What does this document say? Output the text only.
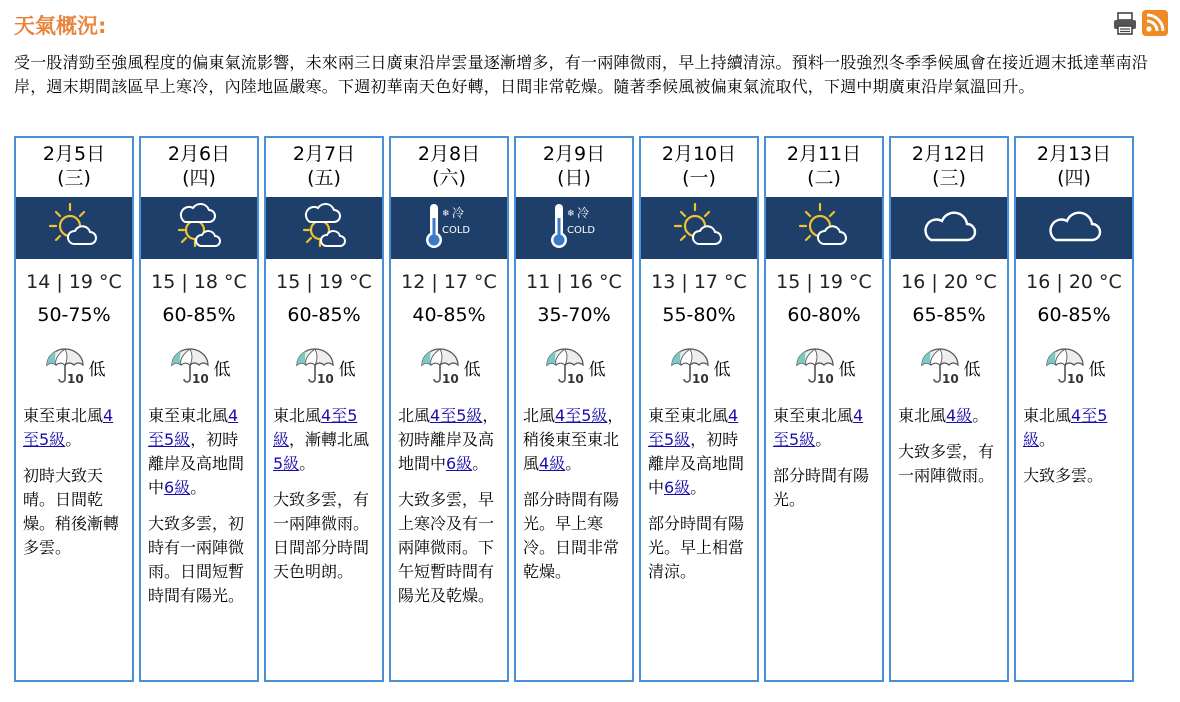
天氣概況:
受一股清勁至強風程度的偏東氣流影響，未來兩三日廣東沿岸雲量逐漸增多，有一兩陣微雨，早上持續清涼。預料一股強烈冬季季候風會在接近週末抵達華南沿岸，週末期間該區早上寒冷，內陸地區嚴寒。下週初華南天色好轉，日間非常乾燥。隨著季候風被偏東氣流取代，下週中期廣東沿岸氣溫回升。
2月5日
(三)
14 | 19 °C
50-75%
10 低

東至東北風4至5級。

初時大致天晴。日間乾燥。稍後漸轉多雲。

2月6日
(四)
15 | 18 °C
60-85%
10 低

東至東北風4至5級，初時離岸及高地間中6級。

大致多雲，初時有一兩陣微雨。日間短暫時間有陽光。

2月7日
(五)
15 | 19 °C
60-85%
10 低

東北風4至5級，漸轉北風5級。

大致多雲，有一兩陣微雨。日間部分時間天色明朗。

2月8日
(六)
❄ 冷
COLD
12 | 17 °C
40-85%
10 低

北風4至5級，初時離岸及高地間中6級。

大致多雲，早上寒冷及有一兩陣微雨。下午短暫時間有陽光及乾燥。

2月9日
(日)
❄ 冷
COLD
11 | 16 °C
35-70%
10 低

北風4至5級，稍後東至東北風4級。

部分時間有陽光。早上寒冷。日間非常乾燥。

2月10日
(一)
13 | 17 °C
55-80%
10 低

東至東北風4至5級，初時離岸及高地間中6級。

部分時間有陽光。早上相當清涼。

2月11日
(二)
15 | 19 °C
60-80%
10 低

東至東北風4至5級。

部分時間有陽光。

2月12日
(三)
16 | 20 °C
65-85%
10 低

東北風4級。

大致多雲，有一兩陣微雨。

2月13日
(四)
16 | 20 °C
60-85%
10 低

東北風4至5級。

大致多雲。
